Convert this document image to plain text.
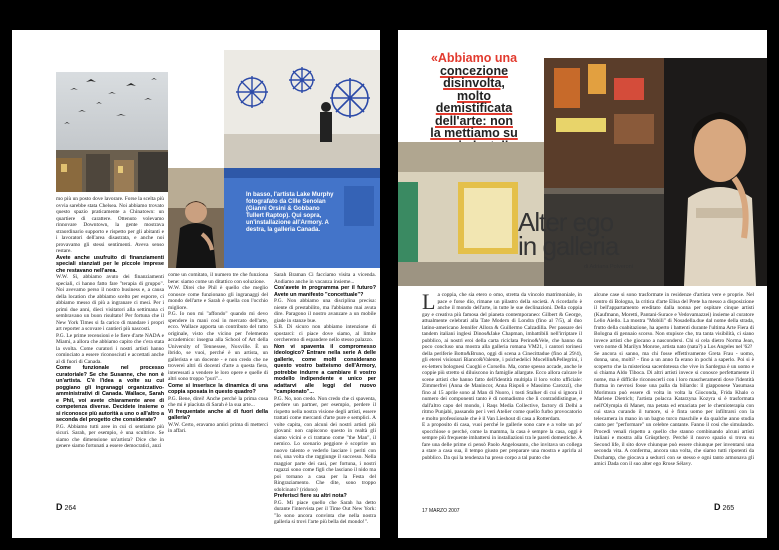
In basso, l'artista Lake Murphy fotografato da Cille Senolan (Gianni Orsini & Gobbano Tullert Raptop). Qui sopra, un'installazione all'Armory. A destra, la galleria Canada.

mo più un posto dove lavorare. Forse la scelta più ovvia sarebbe stata Chelsea. Noi abbiamo trovato questo spazio praticamente a Chinatown: un quartiere di carattere. Ottenuto volevamo rinnovare Downtown, la gente mostrava straordinario supporto e rispetto per gli abitanti e i lavoratori dell'area disastrata, e anche noi provavamo gli stessi sentimenti. Aveva senso restare.

Avete anche usufruito di finanziamenti speciali stanziati per le piccole imprese che restavano nell'area.

W.W. Sì, abbiamo avuto dei finanziamenti speciali, ci hanno fatto fare "terapia di gruppo". Noi avevamo perso il nostro business e, a causa della location che abbiamo scelto per esporre, ci abbiamo messo di più a ingranare ci mesi. Per i primi due anni, dieci visitatori alla settimana ci sembravano un buon risultato! Per fortuna che il New York Times si fa carico di mandare i propri art reporter a scovare i cantieri più nascosti.

P.G. Le prime recensioni e le fiere d'arte NADA e Miami, a allora che abbiamo capito che c'era stata la svolta. Come curatori i nostri artisti hanno cominciato a essere riconosciuti e accettati anche al di fuori di Canada.

Come funzionale nel processo curatoriale? Se che Susanne, che non è un'artista. C'è l'idea a volte su cui poggiano gli ingranaggi organizzativo-amministrativi di Canada. Wallace, Sarah e Phil, voi avete chiaramente aree di competenza diverse. Decidete insieme o si riconosce più autorità a uno o all'altro a seconda del progetto che considerate?

P.G. Abbiamo tutti aree in cui ci sentiamo più sicuri. Sarah, per esempio, è una scultrice. Se siamo che dimensione un'artista? Dice che in genere siamo fortunati a essere democratici, anzi

come un comitato, il numero tre che funziona bene: siamo come un ditattico con soluzione.

W.W. Direi che Phil è quello che meglio conosce come funzionano gli ingranaggi del mondo dell'arte e Sarah è quella con l'occhio migliore.

P.G. Io non mi "affondo" quando mi devo spendere in mani così in mercato dell'arte, ecco. Wallace apporta un contributo del tutto originale, visto che vicino per l'elemento accademico: insegna alla School of Art della University of Tennessee, Noxville. È un ibrido, se vuoi, perché è un artista, un gallerista e un docente - e non credo che ne troverei altri di docenti d'arte a questa fiera, interessati a vendere le loro opere e quelle di altri sono troppo "puri"...

Come si inserisce la dinamica di una coppia sposata in questo quadro?

P.G. Bene, direi! Anche perché la prima cosa che mi è piaciuta di Sarah è la sua arte...

Vi frequentate anche al di fuori della galleria?

W.W. Certo, eravamo amici prima di metterci in affari.

Sarah Braman Ci facciamo visita a vicenda. Andiamo anche in vacanza insieme...

Cos'avete in programma per il futuro? Avete un manifesto "concettuale"?

P.G. Non abbiamo una disciplina precisa: niente di prestabilito, ma l'abbiamo mai avuta dire. Paragono il nostro avanzare a un mobile giade in stanze bue.

S.B. Di sicuro non abbiamo intenzione di spostarci: ci piace dove siamo, al limite cercheremo di espandere nello stesso palazzo.

Non vi spaventa il compromesso ideologico? Entrare nella serie A delle gallerie, come molti considerano questo vostro batteismo dell'Armory, potrebbe indurre a cambiare il vostro modello indipendente e unico per adattarvi alle leggi del nuovo "campionato"...

P.G. No, non credo. Non credo che ci spaventa, perdere un partner, per esempio, perdere il rispetto nella nostra visione degli artisti, essere trattati come mercanti d'arte pure e semplici. A volte capita, con alcuni dei nostri artisti più giovani: non capiscono questo in realtà gli siamo vicini e ci trattano come "the Man", il nemico. Lo scenario peggiore è scoprire un nuovo talento e vederlo lasciare i periti con noi, una volta che raggiunge il successo. Nella maggior parte dei casi, per fortuna, i nostri ragazzi sono come figli che lasciano il nido ma poi tornano a casa per la Festa del Ringraziamento. Che dite, sono troppo sdolcinato? (ridono)

Preferisci fiere su altri nota?

P.G. Mi piace quello che Sarah ha detto durante l'intervista per il Time Out New York: "Io sono ancora convinta che nella nostra galleria si trovi l'arte più bella del mondo!".

D 264
«Abbiamo una
concezione
disinvolta,
molto
demistificata
dell'arte: non
la mettiamo su
Alter ego
in galleria
di Adriana Polveroni

La coppia, che sia etero o omo, stretta da vincolo matrimoniale, in pace e forse dio, rimane un pilastro della società. A ricordarlo è anche il mondo dell'arte, in tutte le sue declinazioni. Della coppia gay e creativa più famosa del pianeta contemporaneo: Gilbert & George, attualmente celebrati alla Tate Modern di Londra (fino al 7/5), al duo latino-americano Jennifer Allora & Guillermo Calzadilla. Per passare dei tandem italiani inglesi Dinos&Jake Chapman, imbattibili nell'irriptare il pubblico, ai nostri eroi della carta riciclata Perino&Vele, che hanno da poco concluso una mostra alla galleria romana VM21, i cantori torinesi della periferie Botto&Bruno, oggi di scena a Cinecittadue (fino al 29/4), gli eterei visionari Bianco&Valente, i psichedelici Mocellin&Pellegrini, i ex-letters bolognesi Cuoghi e Corsello. Ma, come spesso accade, anche le coppie più stretto si diluiscono in famiglie allargate. Ecco allora calcare le scene artisti che hanno fatto dell'identità multipla il loro volto ufficiale: Zimmerfrei (Anna de Manincor, Anna Rispoli e Massimo Carozzi), che fino al 15 aprile sono al Man di Nuoro, i tosti Stalker di cui si ignora il numero dei componenti tanto è di nomadismo che li contraddistingue, e dall'altro capo del mondo, i Raqs Media Collective, factory di Delhi a ritmo Punjabi, passando per i veri Atelier come quello furbo provocatorio e molto professionale che è il Van Lieshout di casa a Rotterdam.

E a proposito di casa, vuoi perché le gallerie sono care e a volte un po' spocchiose o perché, come la mamma, la casa è sempre la casa, oggi è sempre più frequente imbattersi in installazioni tra le pareti domestiche. A fare una delle prime ci pensò Paolo Angelosanto, che invitava un collega a stare a casa sua, il tempo giusto per preparare una mostra e aprirla al pubblico. Da qui la tendenza ha preso corpo a tal punto che

alcune case si sono trasformate in residenze d'artista vere e proprie. Nel centro di Bologna, la critica d'arte Elisa del Prete ha messo a disposizione il bell'appartamento ereditato dalla nonna per ospitare cinque artisti (Kaufmann, Moretti, Pantani-Surace e Vedovamazzei) insieme al curatore Lelio Aiello. La mostra "Mobili" di Nosadella.due dal nome della strada, frutto della coabitazione, ha aperto i battenti durante l'ultima Arte Fiera di Bologna di gennaio scorso. Non stupisce che, tra tanta visibilità, ci siano invece artisti che giocano a nascondersi. Chi si cela dietro Norma Jean, vero nome di Marilyn Monroe, artista nato (nata?) a Los Angeles nel '62?

Se ancora si sanno, ma chi fosse effettivamente Greta Frau - uomo, donna, uno, molti? - fino a un anno fa erano in pochi a saperlo. Poi si è scoperto che la misteriosa sacerdotessa che vive in Sardegna è un uomo e si chiama Aldo Tiboca. Di altri artisti invece si conosce perfettamente il nome, ma è difficile riconoscerli con i loro mascheramenti dove l'identità fluttua in nevrosi fosse una palla da biliardo: il giapponese Yasumasa Morimura può essere di volta in volta la Gioconda, Frida Khalo o Marlene Dietrich; l'artista polacca Katarzyna Kozyra si è trasformata nell'Olympia di Manet, ma petata ed emaciata per le chemioterapia con cui stava curando il tumore, si è finta uomo per infiltrarsi con la telecamera in mano in un bagno turco maschile e da qualche anno studia canto per "performare" un celebre cantante. Fanno il cosi che simulando. Procedi venali rispetto a quello che stanno combinando alcuni artisti italiani e mostra alla Grüspthery. Perché il nuovo spazio si trova su Second life, il sito dove chiunque può essere chiunque per inventarsi una seconda vita. A conferma, ancora una volta, che siamo tutti ripotenti da Duchamp, che giocava a sedurci con se stesso e ogni tanto armonava gli amici Dada con il suo alter ego Rrose Sélavy.

17 MARZO 2007	D 265
